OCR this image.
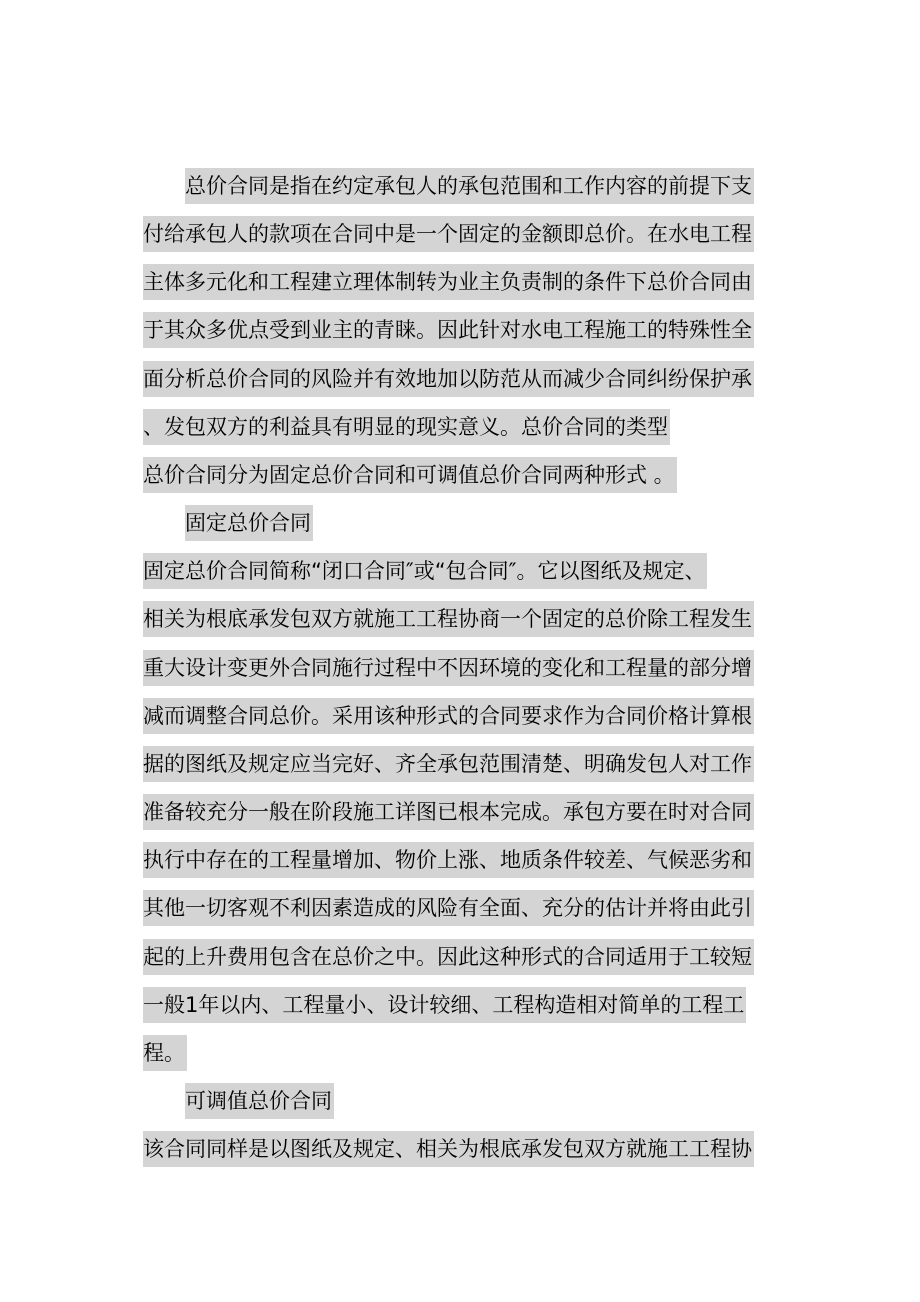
总价合同是指在约定承包人的承包范围和工作内容的前提下支
付给承包人的款项在合同中是一个固定的金额即总价。在水电工程
主体多元化和工程建立理体制转为业主负责制的条件下总价合同由
于其众多优点受到业主的青睐。因此针对水电工程施工的特殊性全
面分析总价合同的风险并有效地加以防范从而减少合同纠纷保护承
、发包双方的利益具有明显的现实意义。总价合同的类型
总价合同分为固定总价合同和可调值总价合同两种形式 。
固定总价合同
固定总价合同简称“闭口合同″或“包合同″。它以图纸及规定、
相关为根底承发包双方就施工工程协商一个固定的总价除工程发生
重大设计变更外合同施行过程中不因环境的变化和工程量的部分增
减而调整合同总价。采用该种形式的合同要求作为合同价格计算根
据的图纸及规定应当完好、齐全承包范围清楚、明确发包人对工作
准备较充分一般在阶段施工详图已根本完成。承包方要在时对合同
执行中存在的工程量增加、物价上涨、地质条件较差、气候恶劣和
其他一切客观不利因素造成的风险有全面、充分的估计并将由此引
起的上升费用包含在总价之中。因此这种形式的合同适用于工较短
一般1年以内、工程量小、设计较细、工程构造相对简单的工程工
程。
可调值总价合同
该合同同样是以图纸及规定、相关为根底承发包双方就施工工程协
